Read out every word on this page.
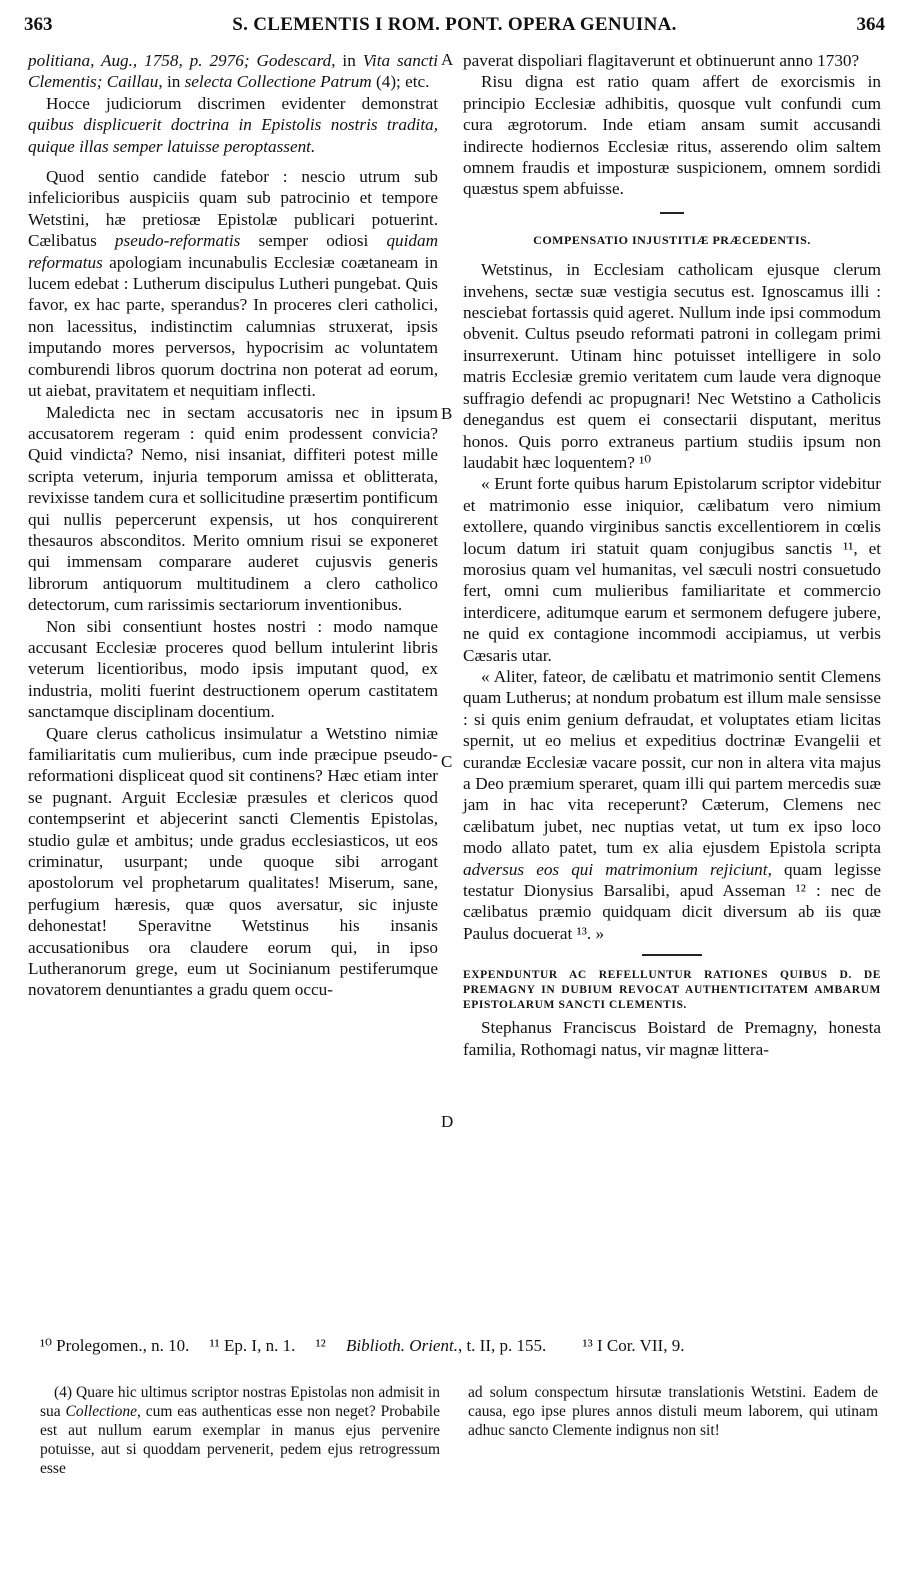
363	S. CLEMENTIS I ROM. PONT. OPERA GENUINA.	364
A
B
C
D

politiana, Aug., 1758, p. 2976; Godescard, in Vita sancti Clementis; Caillau, in selecta Collectione Patrum (4); etc.

Hocce judiciorum discrimen evidenter demonstrat quibus displicuerit doctrina in Epistolis nostris tradita, quique illas semper latuisse peroptassent.

Quod sentio candide fatebor : nescio utrum sub infelicioribus auspiciis quam sub patrocinio et tempore Wetstini, hæ pretiosæ Epistolæ publicari potuerint. Cælibatus pseudo-reformatis semper odiosi quidam reformatus apologiam incunabulis Ecclesiæ coætaneam in lucem edebat : Lutherum discipulus Lutheri pungebat. Quis favor, ex hac parte, sperandus? In proceres cleri catholici, non lacessitus, indistinctim calumnias struxerat, ipsis imputando mores perversos, hypocrisim ac voluntatem comburendi libros quorum doctrina non poterat ad eorum, ut aiebat, pravitatem et nequitiam inflecti.

Maledicta nec in sectam accusatoris nec in ipsum accusatorem regeram : quid enim prodessent convicia? Quid vindicta? Nemo, nisi insaniat, diffiteri potest mille scripta veterum, injuria temporum amissa et oblitterata, revixisse tandem cura et sollicitudine præsertim pontificum qui nullis pepercerunt expensis, ut hos conquirerent thesauros absconditos. Merito omnium risui se exponeret qui immensam comparare auderet cujusvis generis librorum antiquorum multitudinem a clero catholico detectorum, cum rarissimis sectariorum inventionibus.

Non sibi consentiunt hostes nostri : modo namque accusant Ecclesiæ proceres quod bellum intulerint libris veterum licentioribus, modo ipsis imputant quod, ex industria, moliti fuerint destructionem operum castitatem sanctamque disciplinam docentium.

Quare clerus catholicus insimulatur a Wetstino nimiæ familiaritatis cum mulieribus, cum inde præcipue pseudo-reformationi displiceat quod sit continens? Hæc etiam inter se pugnant. Arguit Ecclesiæ præsules et clericos quod contempserint et abjecerint sancti Clementis Epistolas, studio gulæ et ambitus; unde gradus ecclesiasticos, ut eos criminatur, usurpant; unde quoque sibi arrogant apostolorum vel prophetarum qualitates! Miserum, sane, perfugium hæresis, quæ quos aversatur, sic injuste dehonestat! Speravitne Wetstinus his insanis accusationibus ora claudere eorum qui, in ipso Lutheranorum grege, eum ut Socinianum pestiferumque novatorem denuntiantes a gradu quem occu-

paverat dispoliari flagitaverunt et obtinuerunt anno 1730?

Risu digna est ratio quam affert de exorcismis in principio Ecclesiæ adhibitis, quosque vult confundi cum cura ægrotorum. Inde etiam ansam sumit accusandi indirecte hodiernos Ecclesiæ ritus, asserendo olim saltem omnem fraudis et imposturæ suspicionem, omnem sordidi quæstus spem abfuisse.

COMPENSATIO INJUSTITIÆ PRÆCEDENTIS.

Wetstinus, in Ecclesiam catholicam ejusque clerum invehens, sectæ suæ vestigia secutus est. Ignoscamus illi : nesciebat fortassis quid ageret. Nullum inde ipsi commodum obvenit. Cultus pseudo reformati patroni in collegam primi insurrexerunt. Utinam hinc potuisset intelligere in solo matris Ecclesiæ gremio veritatem cum laude vera dignoque suffragio defendi ac propugnari! Nec Wetstino a Catholicis denegandus est quem ei consectarii disputant, meritus honos. Quis porro extraneus partium studiis ipsum non laudabit hæc loquentem? ¹⁰

« Erunt forte quibus harum Epistolarum scriptor videbitur et matrimonio esse iniquior, cælibatum vero nimium extollere, quando virginibus sanctis excellentiorem in cœlis locum datum iri statuit quam conjugibus sanctis ¹¹, et morosius quam vel humanitas, vel sæculi nostri consuetudo fert, omni cum mulieribus familiaritate et commercio interdicere, aditumque earum et sermonem defugere jubere, ne quid ex contagione incommodi accipiamus, ut verbis Cæsaris utar.

« Aliter, fateor, de cælibatu et matrimonio sentit Clemens quam Lutherus; at nondum probatum est illum male sensisse : si quis enim genium defraudat, et voluptates etiam licitas spernit, ut eo melius et expeditius doctrinæ Evangelii et curandæ Ecclesiæ vacare possit, cur non in altera vita majus a Deo præmium speraret, quam illi qui partem mercedis suæ jam in hac vita receperunt? Cæterum, Clemens nec cælibatum jubet, nec nuptias vetat, ut tum ex ipso loco modo allato patet, tum ex alia ejusdem Epistola scripta adversus eos qui matrimonium rejiciunt, quam legisse testatur Dionysius Barsalibi, apud Asseman ¹² : nec de cælibatus præmio quidquam dicit diversum ab iis quæ Paulus docuerat ¹³. »

EXPENDUNTUR AC REFELLUNTUR RATIONES QUIBUS D. DE PREMAGNY IN DUBIUM REVOCAT AUTHENTICITATEM AMBARUM EPISTOLARUM SANCTI CLEMENTIS.

Stephanus Franciscus Boistard de Premagny, honesta familia, Rothomagi natus, vir magnæ littera-

¹⁰ Prolegomen., n. 10. ¹¹ Ep. I, n. 1. ¹² Biblioth. Orient., t. II, p. 155. ¹³ I Cor. VII, 9.

(4) Quare hic ultimus scriptor nostras Epistolas non admisit in sua Collectione, cum eas authenticas esse non neget? Probabile est aut nullum earum exemplar in manus ejus pervenire potuisse, aut si quoddam pervenerit, pedem ejus retrogressum esse

ad solum conspectum hirsutæ translationis Wetstini. Eadem de causa, ego ipse plures annos distuli meum laborem, qui utinam adhuc sancto Clemente indignus non sit!
